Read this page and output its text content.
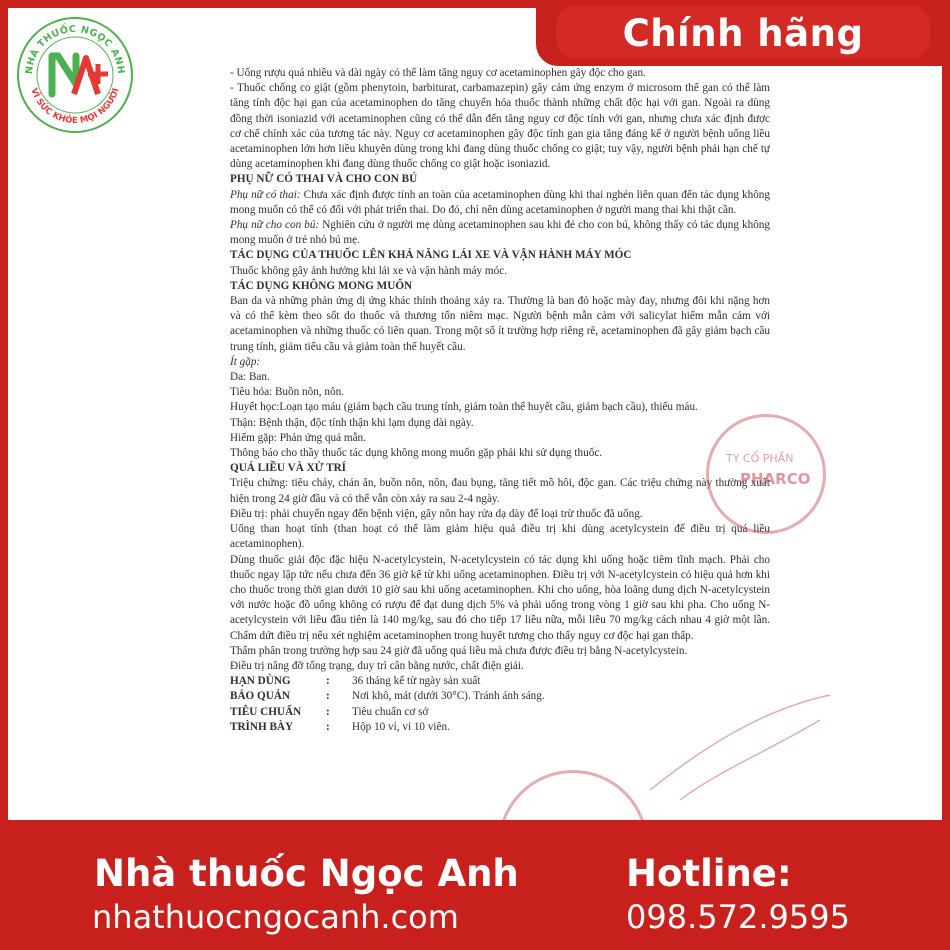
NHÀ THUỐC NGỌC ANH
VÌ SỨC KHỎE MỌI NGƯỜI
Chính hãng

- Uống rượu quá nhiều và dài ngày có thể làm tăng nguy cơ acetaminophen gây độc cho gan.

- Thuốc chống co giật (gồm phenytoin, barbiturat, carbamazepin) gây cảm ứng enzym ở microsom thể gan có thể làm tăng tính độc hại gan của acetaminophen do tăng chuyển hóa thuốc thành những chất độc hại với gan. Ngoài ra dùng đồng thời isoniazid với acetaminophen cũng có thể dẫn đến tăng nguy cơ độc tính với gan, nhưng chưa xác định được cơ chế chính xác của tương tác này. Nguy cơ acetaminophen gây độc tính gan gia tăng đáng kể ở người bệnh uống liều acetaminophen lớn hơn liều khuyên dùng trong khi đang dùng thuốc chống co giật; tuy vậy, người bệnh phải hạn chế tự dùng acetaminophen khi đang dùng thuốc chống co giật hoặc isoniazid.

PHỤ NỮ CÓ THAI VÀ CHO CON BÚ

Phụ nữ có thai: Chưa xác định được tính an toàn của acetaminophen dùng khi thai nghén liên quan đến tác dụng không mong muốn có thể có đối với phát triển thai. Do đó, chỉ nên dùng acetaminophen ở người mang thai khi thật cần.

Phụ nữ cho con bú: Nghiên cứu ở người mẹ dùng acetaminophen sau khi đẻ cho con bú, không thấy có tác dụng không mong muốn ở trẻ nhỏ bú mẹ.

TÁC DỤNG CỦA THUỐC LÊN KHẢ NĂNG LÁI XE VÀ VẬN HÀNH MÁY MÓC

Thuốc không gây ảnh hưởng khi lái xe và vận hành máy móc.

TÁC DỤNG KHÔNG MONG MUỐN

Ban da và những phản ứng dị ứng khác thỉnh thoảng xảy ra. Thường là ban đỏ hoặc mày đay, nhưng đôi khi nặng hơn và có thể kèm theo sốt do thuốc và thương tổn niêm mạc. Người bệnh mẫn cảm với salicylat hiếm mẫn cảm với acetaminophen và những thuốc có liên quan. Trong một số ít trường hợp riêng rẽ, acetaminophen đã gây giảm bạch cầu trung tính, giảm tiểu cầu và giảm toàn thể huyết cầu.

Ít gặp:

Da: Ban.

Tiêu hóa: Buồn nôn, nôn.

Huyết học:Loạn tạo máu (giảm bạch cầu trung tính, giảm toàn thể huyết cầu, giảm bạch cầu), thiếu máu.

Thận: Bệnh thận, độc tính thận khi lạm dụng dài ngày.

Hiếm gặp: Phản ứng quá mẫn.

Thông báo cho thầy thuốc tác dụng không mong muốn gặp phải khi sử dụng thuốc.

QUÁ LIỀU VÀ XỬ TRÍ

Triệu chứng: tiêu chảy, chán ăn, buồn nôn, nôn, đau bụng, tăng tiết mồ hôi, độc gan. Các triệu chứng này thường xuất hiện trong 24 giờ đầu và có thể vẫn còn xảy ra sau 2-4 ngày.

Điều trị: phải chuyển ngay đến bệnh viện, gây nôn hay rửa dạ dày để loại trừ thuốc đã uống.

Uống than hoạt tính (than hoạt có thể làm giảm hiệu quả điều trị khi dùng acetylcystein để điều trị quá liều acetaminophen).

Dùng thuốc giải độc đặc hiệu N-acetylcystein, N-acetylcystein có tác dụng khi uống hoặc tiêm tĩnh mạch. Phải cho thuốc ngay lập tức nếu chưa đến 36 giờ kể từ khi uống acetaminophen. Điều trị với N-acetylcystein có hiệu quả hơn khi cho thuốc trong thời gian dưới 10 giờ sau khi uống acetaminophen. Khi cho uống, hòa loãng dung dịch N-acetylcystein với nước hoặc đồ uống không có rượu để đạt dung dịch 5% và phải uống trong vòng 1 giờ sau khi pha. Cho uống N-acetylcystein với liều đầu tiên là 140 mg/kg, sau đó cho tiếp 17 liều nữa, mỗi liều 70 mg/kg cách nhau 4 giờ một lần. Chấm dứt điều trị nếu xét nghiệm acetaminophen trong huyết tương cho thấy nguy cơ độc hại gan thấp.

Thẩm phân trong trường hợp sau 24 giờ đã uống quá liều mà chưa được điều trị bằng N-acetylcystein.

Điều trị nâng đỡ tổng trạng, duy trì cân bằng nước, chất điện giải.

HẠN DÙNG	:	36 tháng kể từ ngày sản xuất
BẢO QUẢN	:	Nơi khô, mát (dưới 30°C). Tránh ánh sáng.
TIÊU CHUẨN	:	Tiêu chuẩn cơ sở
TRÌNH BÀY	:	Hộp 10 vỉ, vỉ 10 viên.
TY CỔ PHẦN
PHARCO
Nhà thuốc Ngọc Anh
nhathuocngocanh.com
Hotline:
098.572.9595
